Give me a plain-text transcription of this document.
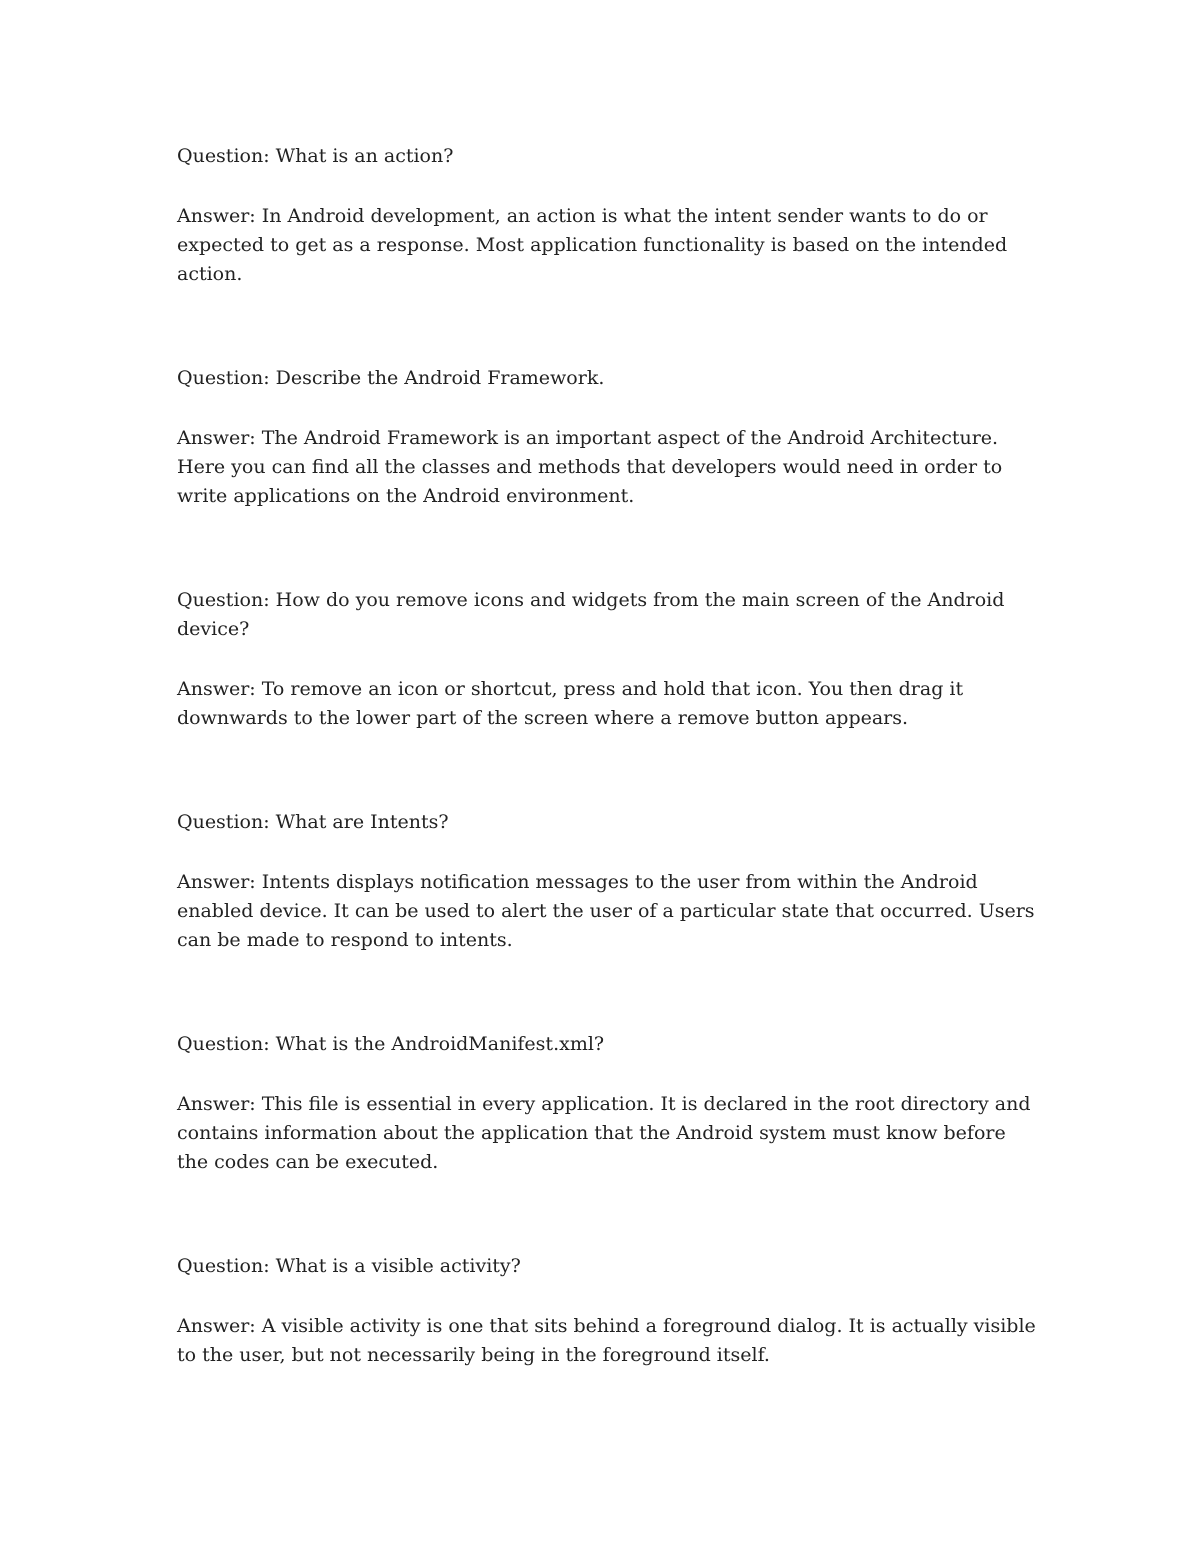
Question: What is an action?

Answer: In Android development, an action is what the intent sender wants to do or expected to get as a response. Most application functionality is based on the intended action.

Question: Describe the Android Framework.

Answer: The Android Framework is an important aspect of the Android Architecture. Here you can find all the classes and methods that developers would need in order to write applications on the Android environment.

Question: How do you remove icons and widgets from the main screen of the Android device?

Answer: To remove an icon or shortcut, press and hold that icon. You then drag it downwards to the lower part of the screen where a remove button appears.

Question: What are Intents?

Answer: Intents displays notification messages to the user from within the Android enabled device. It can be used to alert the user of a particular state that occurred. Users can be made to respond to intents.

Question: What is the AndroidManifest.xml?

Answer: This file is essential in every application. It is declared in the root directory and contains information about the application that the Android system must know before the codes can be executed.

Question: What is a visible activity?

Answer: A visible activity is one that sits behind a foreground dialog. It is actually visible to the user, but not necessarily being in the foreground itself.
